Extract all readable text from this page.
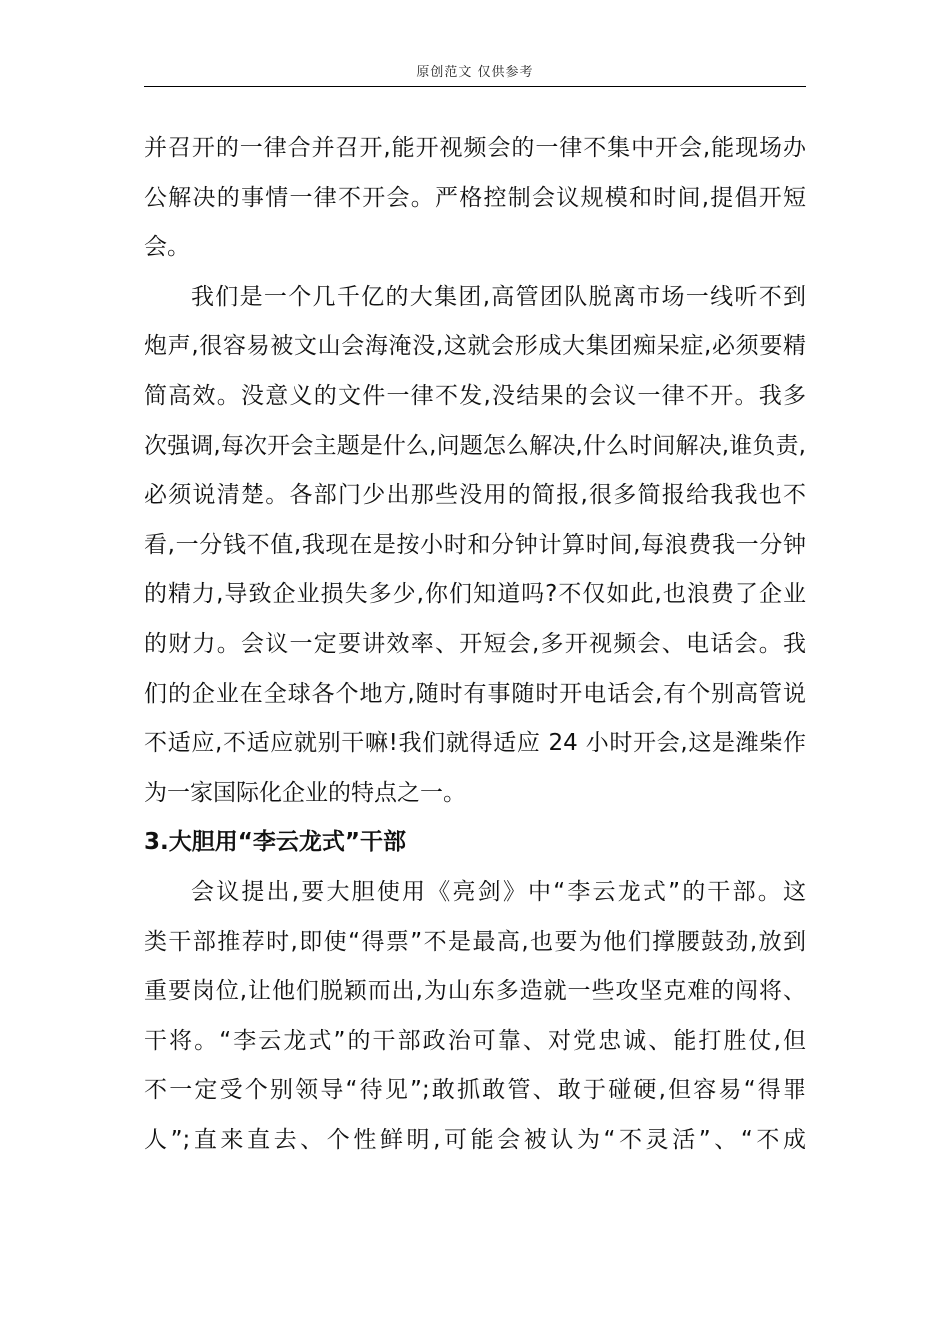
原创范文 仅供参考
并召开的一律合并召开,能开视频会的一律不集中开会,能现场办
公解决的事情一律不开会。严格控制会议规模和时间,提倡开短
会。
我们是一个几千亿的大集团,高管团队脱离市场一线听不到
炮声,很容易被文山会海淹没,这就会形成大集团痴呆症,必须要精
简高效。没意义的文件一律不发,没结果的会议一律不开。我多
次强调,每次开会主题是什么,问题怎么解决,什么时间解决,谁负责,
必须说清楚。各部门少出那些没用的简报,很多简报给我我也不
看,一分钱不值,我现在是按小时和分钟计算时间,每浪费我一分钟
的精力,导致企业损失多少,你们知道吗?不仅如此,也浪费了企业
的财力。会议一定要讲效率、开短会,多开视频会、电话会。我
们的企业在全球各个地方,随时有事随时开电话会,有个别高管说
不适应,不适应就别干嘛!我们就得适应 24 小时开会,这是潍柴作
为一家国际化企业的特点之一。
3.大胆用“李云龙式”干部
会议提出,要大胆使用《亮剑》中“李云龙式”的干部。这
类干部推荐时,即使“得票”不是最高,也要为他们撑腰鼓劲,放到
重要岗位,让他们脱颖而出,为山东多造就一些攻坚克难的闯将、
干将。“李云龙式”的干部政治可靠、对党忠诚、能打胜仗,但
不一定受个别领导“待见”;敢抓敢管、敢于碰硬,但容易“得罪
人”;直来直去、个性鲜明,可能会被认为“不灵活”、“不成
